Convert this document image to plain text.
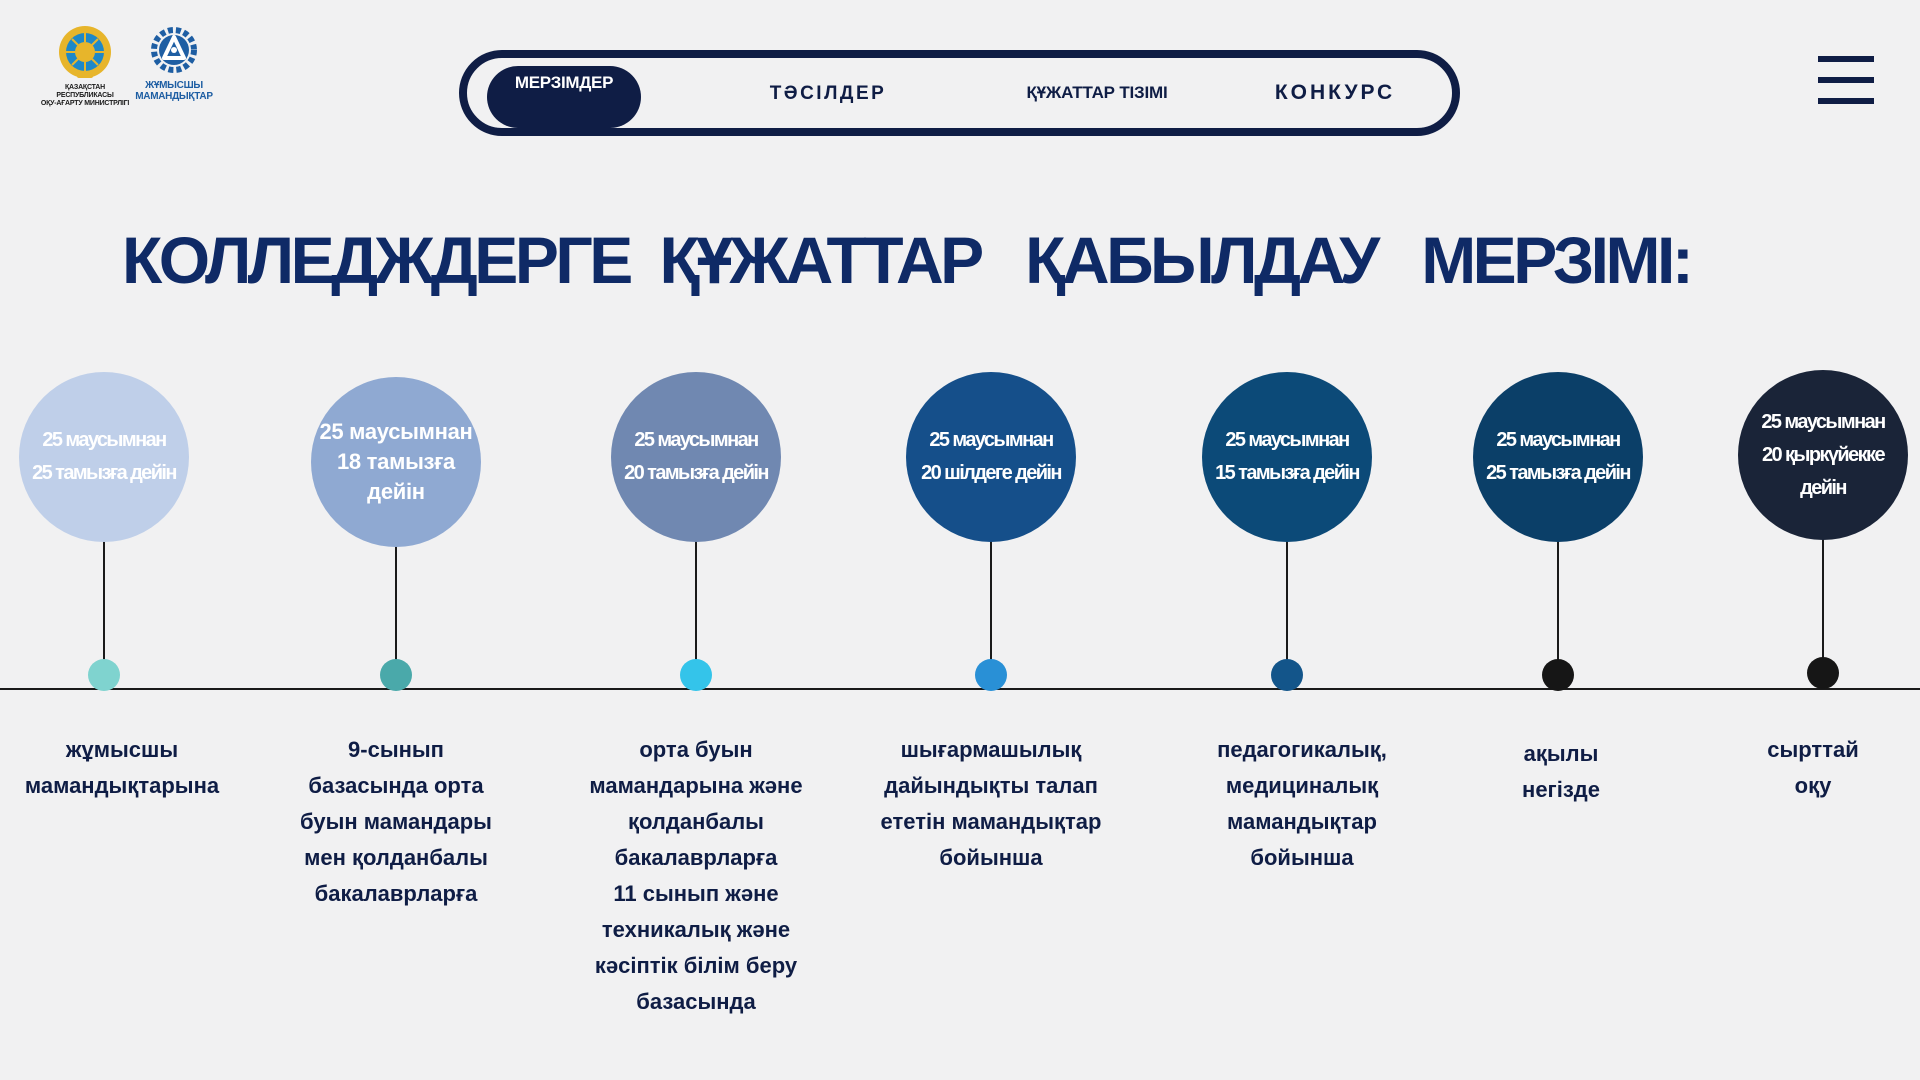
ҚАЗАҚСТАН РЕСПУБЛИКАСЫ
ОҚУ-АҒАРТУ МИНИСТРЛІГІ
ЖҰМЫСШЫ
МАМАНДЫҚТАР
МЕРЗІМДЕР
ТӘСІЛДЕР	ҚҰЖАТТАР ТІЗІМІ	КОНКУРС
КОЛЛЕДЖДЕРГЕ  ҚҰЖАТТАР   ҚАБЫЛДАУ   МЕРЗІМІ:
25 маусымнан
25 тамызға дейін
жұмысшы
мамандықтарына
25 маусымнан
18 тамызға
дейін
9-сынып
базасында орта
буын мамандары
мен қолданбалы
бакалаврларға
25 маусымнан
20 тамызға дейін
орта буын
мамандарына және
қолданбалы
бакалаврларға
11 сынып және
техникалық және
кәсіптік білім беру
базасында
25 маусымнан
20 шілдеге дейін
шығармашылық
дайындықты талап
ететін мамандықтар
бойынша
25 маусымнан
15 тамызға дейін
педагогикалық,
медициналық
мамандықтар
бойынша
25 маусымнан
25 тамызға дейін
ақылы
негізде
25 маусымнан
20 қыркүйекке
дейін
сырттай
оқу
